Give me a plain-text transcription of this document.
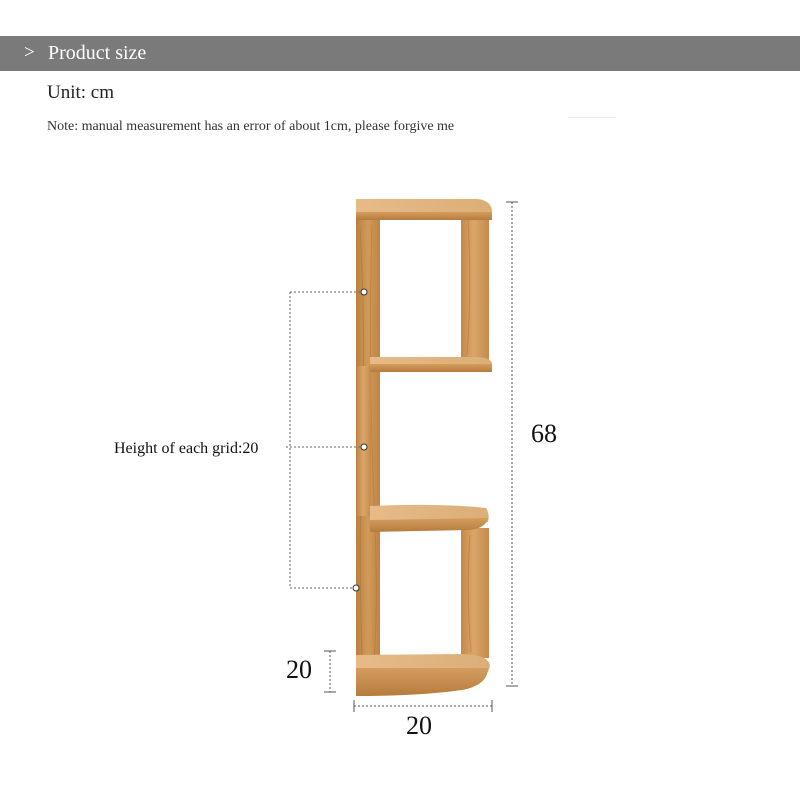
> Product size
Unit: cm
Note: manual measurement has an error of about 1cm, please forgive me
Height of each grid:20
68
20
20
